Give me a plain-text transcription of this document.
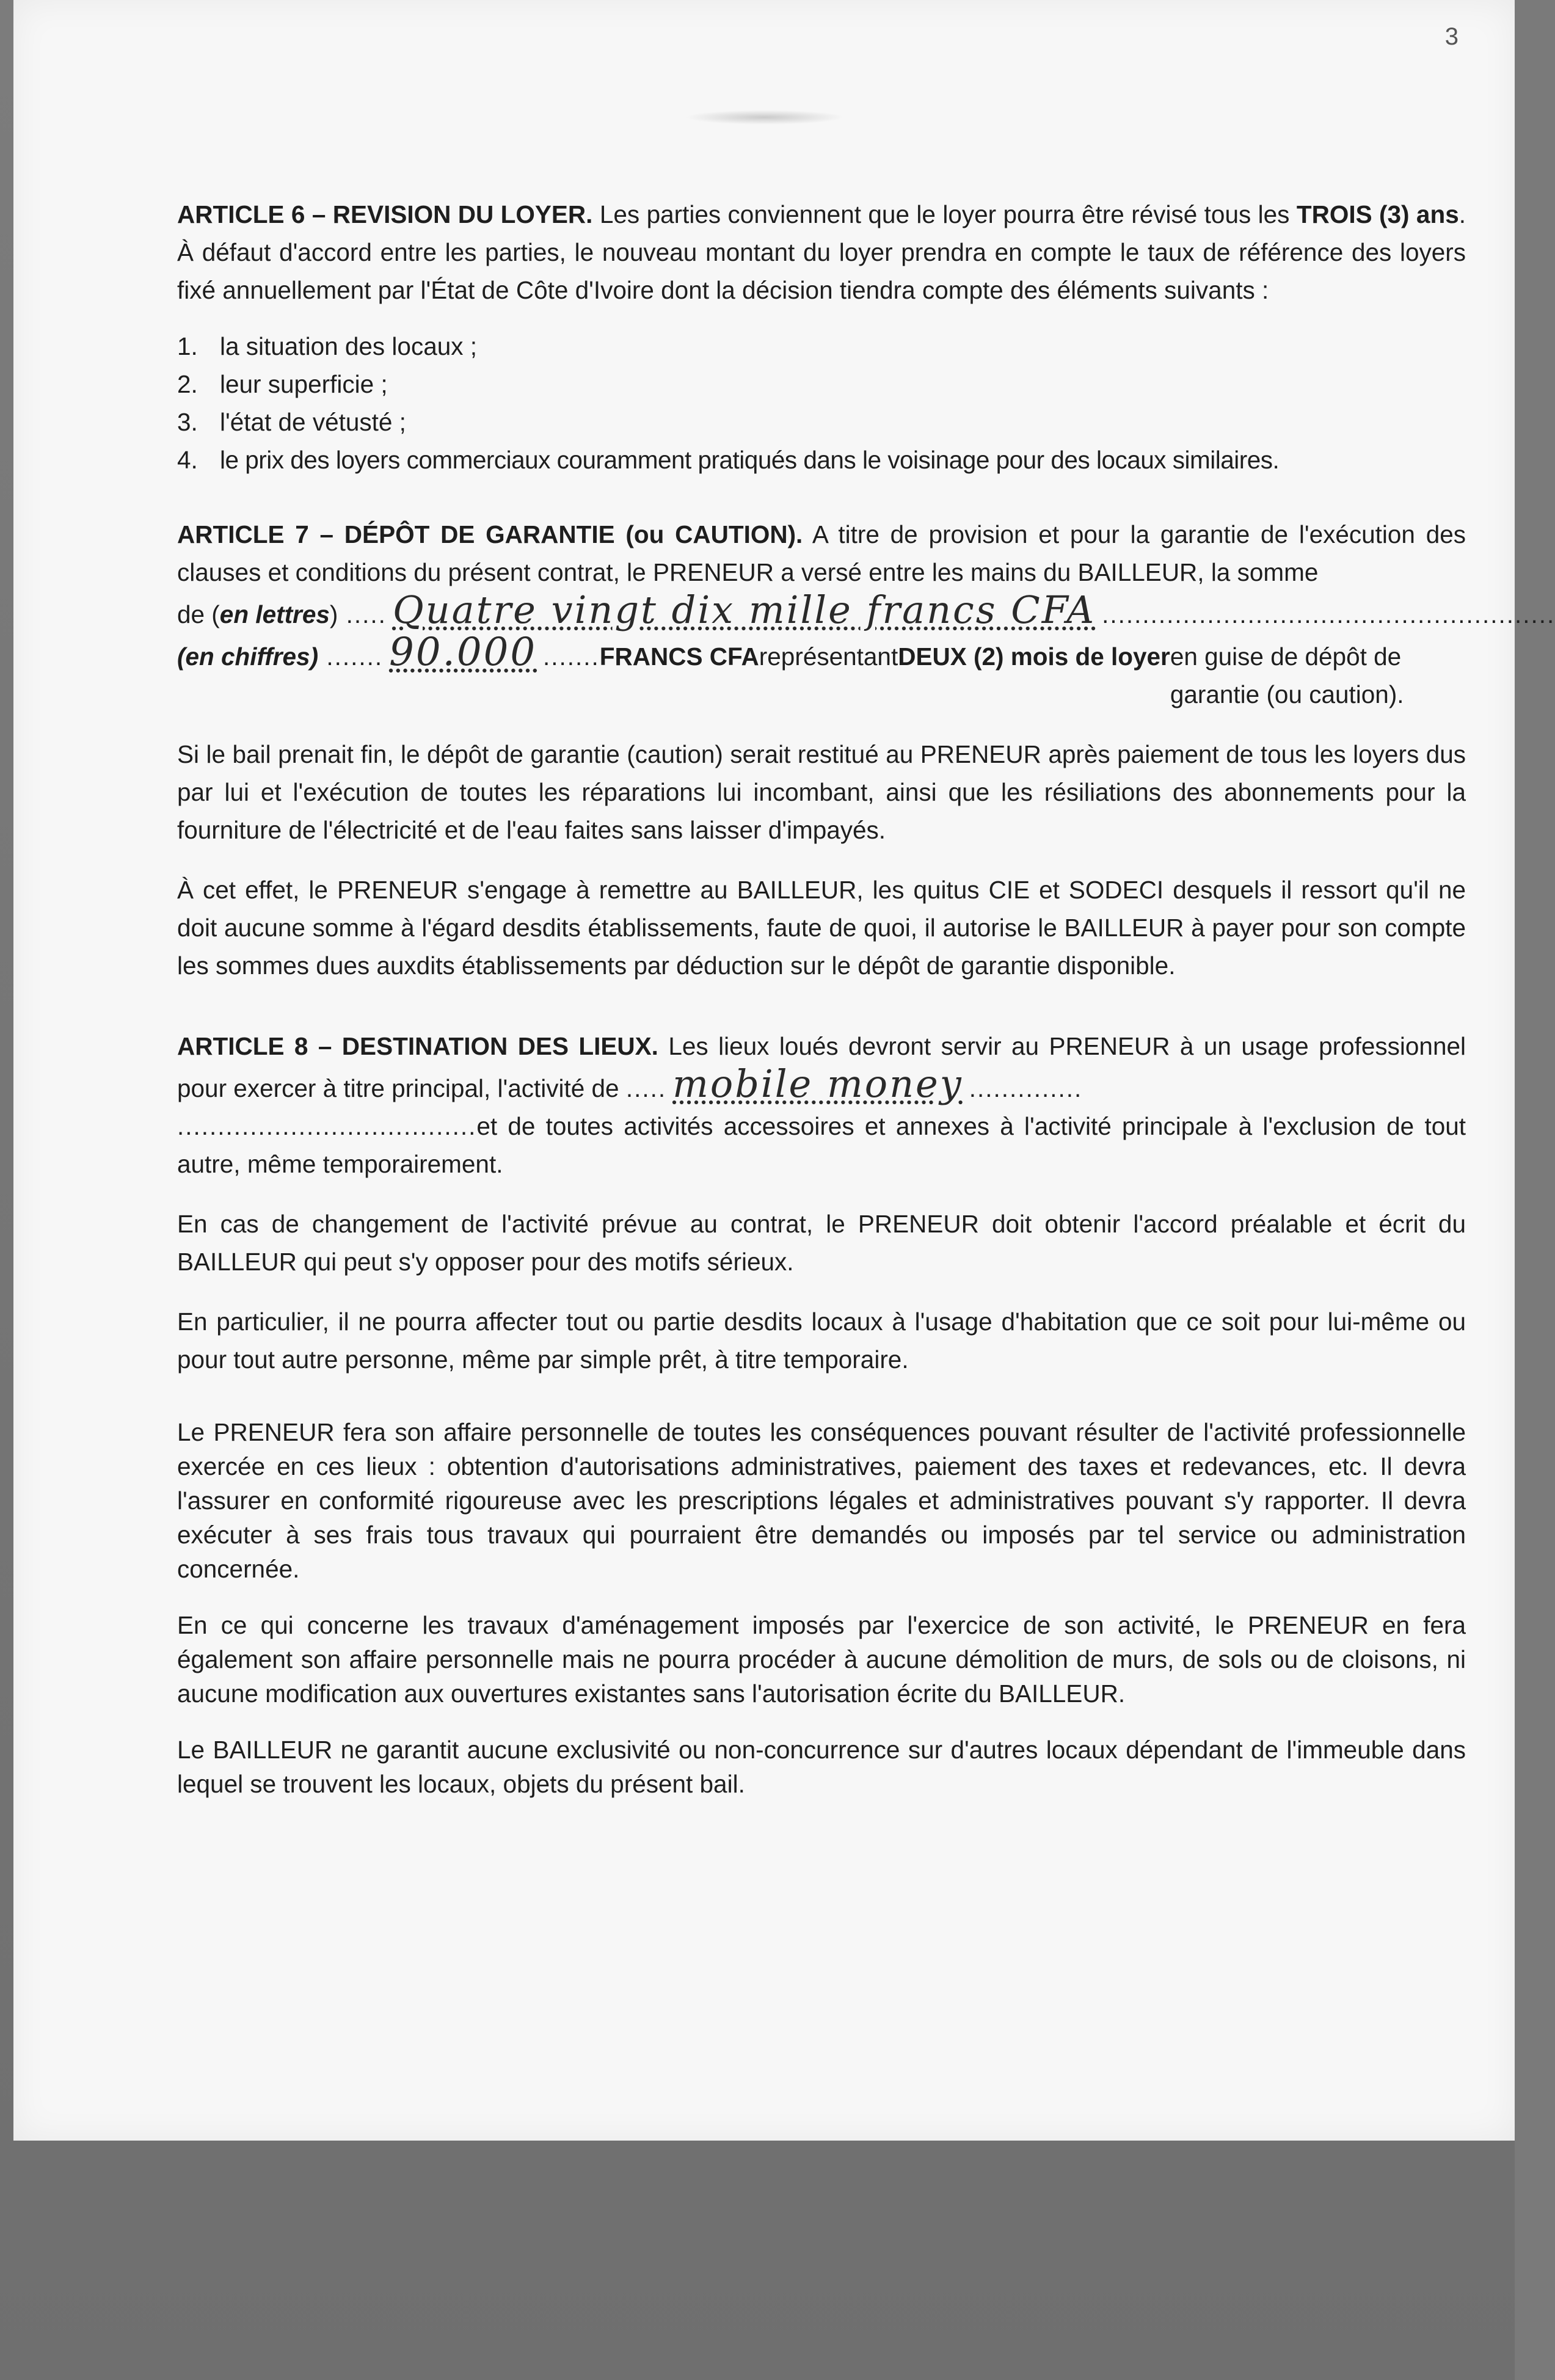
3

ARTICLE 6 – REVISION DU LOYER. Les parties conviennent que le loyer pourra être révisé tous les TROIS (3) ans. À défaut d'accord entre les parties, le nouveau montant du loyer prendra en compte le taux de référence des loyers fixé annuellement par l'État de Côte d'Ivoire dont la décision tiendra compte des éléments suivants :

1. la situation des locaux ;
2. leur superficie ;
3. l'état de vétusté ;
4. le prix des loyers commerciaux couramment pratiqués dans le voisinage pour des locaux similaires.

ARTICLE 7 – DÉPÔT DE GARANTIE (ou CAUTION). A titre de provision et pour la garantie de l'exécution des clauses et conditions du présent contrat, le PRENEUR a versé entre les mains du BAILLEUR, la somme

de ( en lettres ) ..... Quatre vingt dix mille francs CFA ........................................................
(en chiffres) ....... 90.000 ....... FRANCS CFA représentant DEUX (2) mois de loyer en guise de dépôt de garantie (ou caution).

Si le bail prenait fin, le dépôt de garantie (caution) serait restitué au PRENEUR après paiement de tous les loyers dus par lui et l'exécution de toutes les réparations lui incombant, ainsi que les résiliations des abonnements pour la fourniture de l'électricité et de l'eau faites sans laisser d'impayés.

À cet effet, le PRENEUR s'engage à remettre au BAILLEUR, les quitus CIE et SODECI desquels il ressort qu'il ne doit aucune somme à l'égard desdits établissements, faute de quoi, il autorise le BAILLEUR à payer pour son compte les sommes dues auxdits établissements par déduction sur le dépôt de garantie disponible.

ARTICLE 8 – DESTINATION DES LIEUX. Les lieux loués devront servir au PRENEUR à un usage professionnel pour exercer à titre principal, l'activité de ..... mobile money ..............

.....................................et de toutes activités accessoires et annexes à l'activité principale à l'exclusion de tout autre, même temporairement.

En cas de changement de l'activité prévue au contrat, le PRENEUR doit obtenir l'accord préalable et écrit du BAILLEUR qui peut s'y opposer pour des motifs sérieux.

En particulier, il ne pourra affecter tout ou partie desdits locaux à l'usage d'habitation que ce soit pour lui-même ou pour tout autre personne, même par simple prêt, à titre temporaire.

Le PRENEUR fera son affaire personnelle de toutes les conséquences pouvant résulter de l'activité professionnelle exercée en ces lieux : obtention d'autorisations administratives, paiement des taxes et redevances, etc. Il devra l'assurer en conformité rigoureuse avec les prescriptions légales et administratives pouvant s'y rapporter. Il devra exécuter à ses frais tous travaux qui pourraient être demandés ou imposés par tel service ou administration concernée.

En ce qui concerne les travaux d'aménagement imposés par l'exercice de son activité, le PRENEUR en fera également son affaire personnelle mais ne pourra procéder à aucune démolition de murs, de sols ou de cloisons, ni aucune modification aux ouvertures existantes sans l'autorisation écrite du BAILLEUR.

Le BAILLEUR ne garantit aucune exclusivité ou non-concurrence sur d'autres locaux dépendant de l'immeuble dans lequel se trouvent les locaux, objets du présent bail.
